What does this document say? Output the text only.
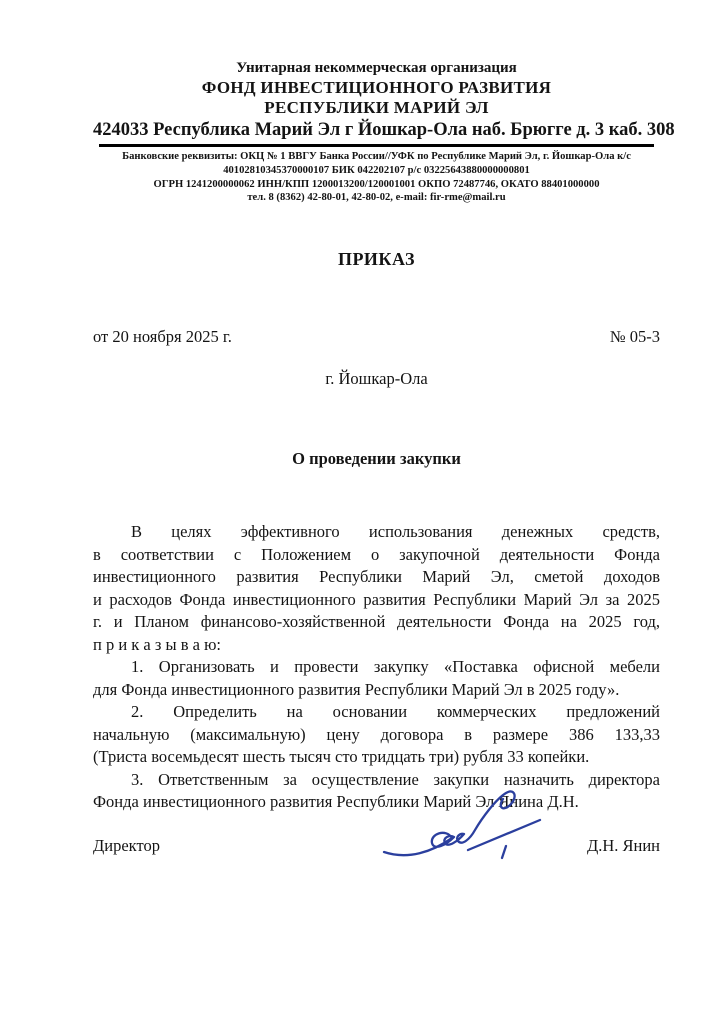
Унитарная некоммерческая организация
ФОНД ИНВЕСТИЦИОННОГО РАЗВИТИЯ
РЕСПУБЛИКИ МАРИЙ ЭЛ
424033 Республика Марий Эл г Йошкар-Ола наб. Брюгге д. 3 каб. 308
Банковские реквизиты: ОКЦ № 1 ВВГУ Банка России//УФК по Республике Марий Эл, г. Йошкар-Ола к/с
40102810345370000107 БИК 042202107 р/с 03225643880000000801
ОГРН 1241200000062 ИНН/КПП 1200013200/120001001 ОКПО 72487746, ОКАТО 88401000000
тел. 8 (8362) 42-80-01, 42-80-02, e-mail: fir-rme@mail.ru
ПРИКАЗ
от 20 ноября 2025 г.	№ 05-3
г. Йошкар-Ола
О проведении закупки
В целях эффективного использования денежных средств,
в соответствии с Положением о закупочной деятельности Фонда
инвестиционного развития Республики Марий Эл, сметой доходов
и расходов Фонда инвестиционного развития Республики Марий Эл за 2025
г. и Планом финансово-хозяйственной деятельности Фонда на 2025 год,
п р и к а з ы в а ю:
1. Организовать и провести закупку «Поставка офисной мебели
для Фонда инвестиционного развития Республики Марий Эл в 2025 году».
2. Определить на основании коммерческих предложений
начальную (максимальную) цену договора в размере 386 133,33
(Триста восемьдесят шесть тысяч сто тридцать три) рубля 33 копейки.
3. Ответственным за осуществление закупки назначить директора
Фонда инвестиционного развития Республики Марий Эл Янина Д.Н.
Директор	Д.Н. Янин
